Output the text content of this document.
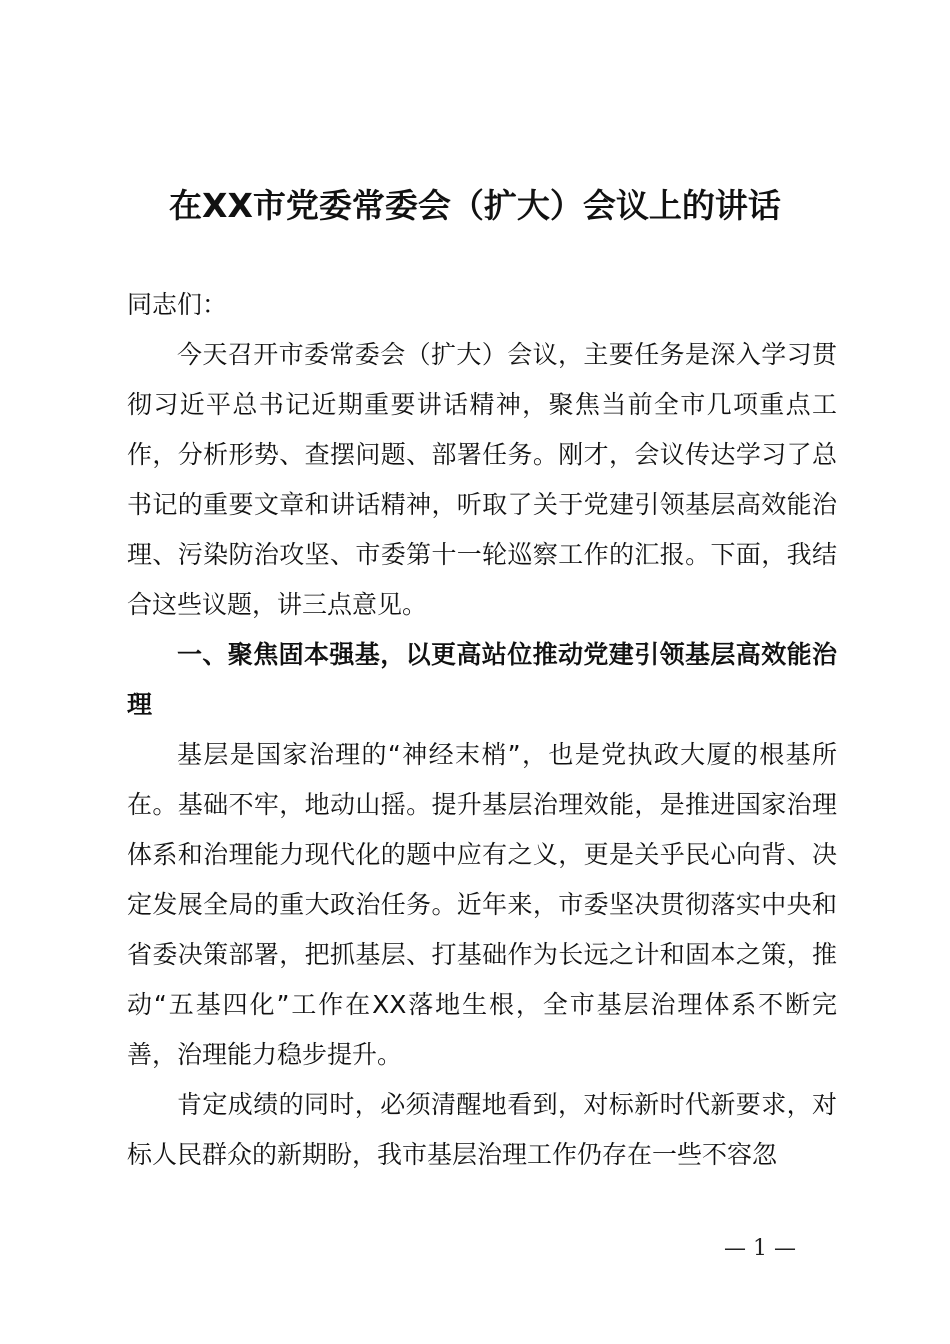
在XX市党委常委会（扩大）会议上的讲话

同志们：

今天召开市委常委会（扩大）会议，主要任务是深入学习贯彻习近平总书记近期重要讲话精神，聚焦当前全市几项重点工作，分析形势、查摆问题、部署任务。刚才，会议传达学习了总书记的重要文章和讲话精神，听取了关于党建引领基层高效能治理、污染防治攻坚、市委第十一轮巡察工作的汇报。下面，我结合这些议题，讲三点意见。

一、聚焦固本强基，以更高站位推动党建引领基层高效能治理

基层是国家治理的“神经末梢”，也是党执政大厦的根基所在。基础不牢，地动山摇。提升基层治理效能，是推进国家治理体系和治理能力现代化的题中应有之义，更是关乎民心向背、决定发展全局的重大政治任务。近年来，市委坚决贯彻落实中央和省委决策部署，把抓基层、打基础作为长远之计和固本之策，推动“五基四化”工作在XX落地生根，全市基层治理体系不断完善，治理能力稳步提升。

肯定成绩的同时，必须清醒地看到，对标新时代新要求，对标人民群众的新期盼，我市基层治理工作仍存在一些不容忽

— 1 —
